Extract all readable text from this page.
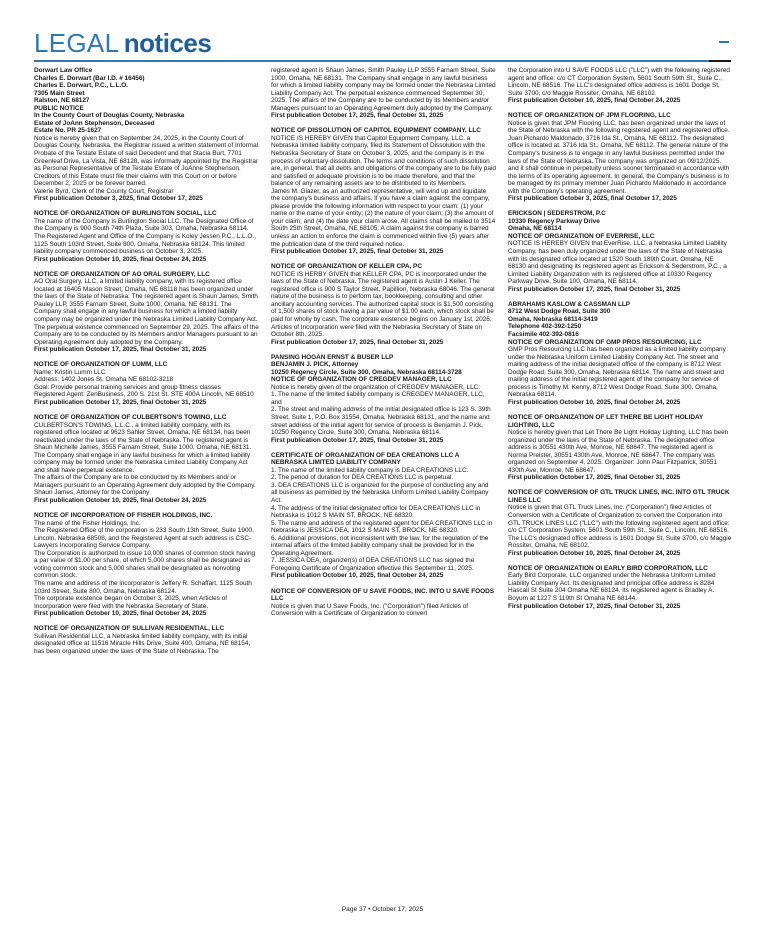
LEGAL notices

Dorwart Law Office

Charles E. Dorwart (Bar I.D. # 16456)

Charles E. Dorwart, P.C., L.L.O.

7305 Main Street

Ralston, NE 68127

PUBLIC NOTICE

In the County Court of Douglas County, Nebraska

Estate of JoAnn Stephenson, Deceased

Estate No. PR 25-1627

Notice is hereby given that on September 24, 2025, in the County Court of Douglas County, Nebraska, the Registrar issued a written statement of Informal Probate of the Testate Estate of said Decedent and that Stacia Burt, 7701 Greenleaf Drive, La Vista, NE 68128, was informally appointed by the Registrar as Personal Representative of the Testate Estate of JoAnne Stephenson.

Creditors of this Estate must file their claims with this Court on or before December 2, 2025 or be forever barred.

Valerie Byrd, Clerk of the County Court, Registrar

First publication October 3, 2025, final October 17, 2025

NOTICE OF ORGANIZATION OF BURLINGTON SOCIAL, LLC

The name of the Company is Burlington Social LLC. The Designated Office of the Company is 900 South 74th Plaza, Suite 303, Omaha, Nebraska 68114. The Registered Agent and Office of the Company is Koley Jessen P.C., L.L.O., 1125 South 103rd Street, Suite 800, Omaha, Nebraska 68124. This limited liability company commenced business on October 3, 2025.

First publication October 10, 2025, final October 24, 2025

NOTICE OF ORGANIZATION OF AO ORAL SURGERY, LLC

AO Oral Surgery, LLC, a limited liability company, with its registered office located at 16405 Mason Street, Omaha, NE 68118 has been organized under the laws of the State of Nebraska. The registered agent is Shaun James, Smith Pauley LLP, 3555 Farnam Street, Suite 1000, Omaha, NE 68131. The Company shall engage in any lawful business for which a limited liability company may be organized under the Nebraska Limited Liability Company Act. The perpetual existence commenced on September 29, 2025. The affairs of the Company are to be conducted by its Members and/or Managers pursuant to an Operating Agreement duly adopted by the Company.

First publication October 17, 2025, final October 31, 2025

NOTICE OF ORGANIZATION OF LUMM, LLC

Name: Kristin Lumm LLC

Address: 1402 Jones St. Omaha NE 68102-3218

Goal: Provide personal training services and group fitness classes

Registered Agent: ZenBusiness, 200 S. 21st St. STE 400A Lincoln, NE 68510

First publication October 17, 2025, final October 31, 2025

NOTICE OF ORGANIZATION OF CULBERTSON'S TOWING, LLC

CULBERTSON'S TOWING, L.L.C., a limited liability company, with its registered office located at 9623 Sahler Street, Omaha, NE 68134, has been reactivated under the laws of the State of Nebraska. The registered agent is Shaun Michelle James, 3555 Farnam Street, Suite 1000, Omaha, NE 68131. The Company shall engage in any lawful business for which a limited liability company may be formed under the Nebraska Limited Liability Company Act and shall have perpetual existence.

The affairs of the Company are to be conducted by its Members and/ or Managers pursuant to an Operating Agreement duly adopted by the Company. Shaun James, Attorney for the Company

First publication October 10, 2025, final October 24, 2025

NOTICE OF INCORPORATION OF FISHER HOLDINGS, INC.

The name of the Fisher Holdings, Inc.

The Registered Office of the corporation is 233 South 13th Street, Suite 1900, Lincoln, Nebraska 68508, and the Registered Agent at such address is CSC-Lawyers Incorporating Service Company.

The Corporation is authorized to issue 10,000 shares of common stock having a par value of $1.00 per share, of which 5,000 shares shall be designated as voting common stock and 5,000 shares shall be designated as nonvoting common stock.

The name and address of the incorporator is Jeffery R. Schaffart, 1125 South 103rd Street, Suite 800, Omaha, Nebraska 68124.

The corporate existence began on October 3, 2025, when Articles of Incorporation were filed with the Nebraska Secretary of State.

First publication October 10, 2025, final October 24, 2025

NOTICE OF ORGANIZATION OF SULLIVAN RESIDENTIAL, LLC

Sullivan Residential LLC, a Nebraska limited liability company, with its initial designated office at 11516 Miracle Hills Drive, Suite 400, Omaha, NE 68154, has been organized under the laws of the State of Nebraska. The

registered agent is Shaun James, Smith Pauley LLP 3555 Farnam Street, Suite 1000, Omaha, NE 68131. The Company shall engage in any lawful business for which a limited liability company may be formed under the Nebraska Limited Liability Company Act. The perpetual existence commenced September 30, 2025. The affairs of the Company are to be conducted by its Members and/or Managers pursuant to an Operating Agreement duly adopted by the Company.

First publication October 17, 2025, final October 31, 2025

NOTICE OF DISSOLUTION OF CAPITOL EQUIPMENT COMPANY, LLC

NOTICE IS HEREBY GIVEN that Capitol Equipment Company, LLC, a Nebraska limited liability company, filed its Statement of Dissolution with the Nebraska Secretary of State on October 3, 2025, and the company is in the process of voluntary dissolution. The terms and conditions of such dissolution are, in general, that all debts and obligations of the company are to be fully paid and satisfied or adequate provision is to be made therefore, and that the balance of any remaining assets are to be distributed to its Members.

James M. Glazer, as an authorized representative, will wind up and liquidate the company's business and affairs. If you have a claim against the company, please provide the following information with respect to your claim: (1) your name or the name of your entity; (2) the nature of your claim; (3) the amount of your claim; and (4) the date your claim arose. All claims shall be mailed to 3514 South 25th Street, Omaha, NE 68105. A claim against the company is barred unless an action to enforce the claim is commenced within five (5) years after the publication date of the third required notice.

First publication October 17, 2025, final October 31, 2025

NOTICE OF ORGANIZATION OF KELLER CPA, PC

NOTICE IS HERBY GIVEN that KELLER CPA, PC is incorporated under the laws of the State of Nebraska. The registered agent is Austin J Keller. The registered office is 900 S Taylor Street, Papillion, Nebraska 68046. The general nature of the business is to perform tax, bookkeeping, consulting and other ancillary accounting services. The authorized capital stock is $1,500 consisting of 1,500 shares of stock having a par value of $1.00 each, which stock shall be paid for wholly by cash. The corporate existence begins on January 1st, 2026. Articles of Incorporation were filed with the Nebraska Secretary of State on October 8th, 2025.

First publication October 17, 2025, final October 31, 2025

PANSING HOGAN ERNST & BUSER LLP

BENJAMIN J. PICK, Attorney

10250 Regency Circle, Suite 300, Omaha, Nebraska 68114-3728

NOTICE OF ORGANIZATION OF CREGDEV MANAGER, LLC

Notice is hereby given of the organization of CREGDEV MANAGER, LLC:

1. The name of the limited liability company is CREGDEV MANAGER, LLC, and

2. The street and mailing address of the initial designated office is 123 S. 39th Street, Suite 1, P.O. Box 31554, Omaha, Nebraska 68131, and the name and street address of the initial agent for service of process is Benjamin J. Pick, 10250 Regency Circle, Suite 300, Omaha, Nebraska 68114.

First publication October 17, 2025, final October 31, 2025

CERTIFICATE OF ORGANIZATION OF DEA CREATIONS LLC A NEBRASKA LIMITED LIABILITY COMPANY

1. The name of the limited liability company is DEA CREATIONS LLC.

2. The period of duration for DEA CREATIONS LLC is perpetual.

3. DEA CREATIONS LLC is organized for the purpose of conducting any and all business as permitted by the Nebraska Uniform Limited Liability Company Act.

4. The address of the initial designated office for DEA CREATIONS LLC in Nebraska is 1012 S MAIN ST, BROCK, NE 68320.

5. The name and address of the registered agent for DEA CREATIONS LLC in Nebraska is JESSICA DEA, 1012 S MAIN ST, BROCK, NE 68320.

6. Additional provisions, not inconsistent with the law, for the regulation of the internal affairs of the limited liability company shall be provided for in the Operating Agreement.

7. JESSICA DEA, organizer(s) of DEA CREATIONS LLC has signed the Foregoing Certificate of Organization effective this September 11, 2025.

First publication October 10, 2025, final October 24, 2025

NOTICE OF CONVERSION OF U SAVE FOODS, INC. INTO U SAVE FOODS LLC

Notice is given that U Save Foods, Inc. ("Corporation") filed Articles of Conversion with a Certificate of Organization to convert

the Corporation into U SAVE FOODS LLC ("LLC") with the following registered agent and office: c/o CT Corporation System, 5601 South 59th St., Suite C., Lincoln, NE 68516. The LLC's designated office address is 1601 Dodge St, Suite 3700, c/o Maggie Rossiter, Omaha, NE 68102.

First publication October 10, 2025, final October 24, 2025

NOTICE OF ORGANIZATION OF JPM FLOORING, LLC

Notice is given that JPM Flooring LLC, has been organized under the laws of the State of Nebraska with the following registered agent and registered office. Juan Pichardo Maldonado, 3716 Ida St., Omaha, NE 68112. The designated office is located at. 3716 Ida St., Omaha, NE 68112. The general nature of the Company's business is to engage in any lawful business permitted under the laws of the State of Nebraska. The company was organized on 09/12/2025. and it shall continue in perpetuity unless sooner terminated in accordance with the terms of its operating agreement. In general, the Company's business is to be managed by its primary member Juan Pichardo Maldonado in accordance with the Company's operating agreement.

First publication October 3, 2025, final October 17, 2025

ERICKSON | SEDERSTROM, P.C

10330 Regency Parkway Drive

Omaha, NE 68114

NOTICE OF ORGANIZATION OF EVERRISE, LLC

NOTICE IS HEREBY GIVEN that EverRise, LLC, a Nebraska Limited Liability Company, has been duly organized under the laws of the State of Nebraska with its designated office located at 1520 South 189th Court, Omaha, NE 68130 and designating its registered agent as Erickson & Sederstrom, P.C., a Limited Liability Organization with its registered office at 10330 Regency Parkway Drive, Suite 100, Omaha, NE 68114.

First publication October 17, 2025, final October 31, 2025

ABRAHAMS KASLOW & CASSMAN LLP

8712 West Dodge Road, Suite 300

Omaha, Nebraska 68114-3419

Telephone 402-392-1250

Facsimile 402-392-0816

NOTICE OF ORGANIZATION OF GMP PROS RESOURCING, LLC

GMP Pros Resourcing LLC has been organized as a limited liability company under the Nebraska Uniform Limited Liability Company Act. The street and mailing address of the initial designated office of the company is 8712 West Dodge Road, Suite 300, Omaha, Nebraska 68114. The name and street and mailing address of the initial registered agent of the company for service of process is Timothy M. Kenny, 8712 West Dodge Road, Suite 300, Omaha, Nebraska 68114.

First publication October 10, 2025, final October 24, 2025

NOTICE OF ORGANIZATION OF LET THERE BE LIGHT HOLIDAY LIGHTING, LLC

Notice is hereby given that Let There Be Light Holiday Lighting, LLC has been organized under the laws of the State of Nebraska. The designated office address is 30551 430th Ave, Monroe, NE 68647. The registered agent is Norma Preister, 30551 430th Ave, Monroe, NE 68647. The company was organized on September 4, 2025. Organizer: John Paul Fitzpatrick, 30551 430th Ave, Monroe, NE 68647.

First publication October 17, 2025, final October 31, 2025

NOTICE OF CONVERSION OF GTL TRUCK LINES, INC. INTO GTL TRUCK LINES LLC

Notice is given that GTL Truck Lines, Inc. ("Corporation") filed Articles of Conversion with a Certificate of Organization to convert the Corporation into GTL TRUCK LINES LLC ("LLC") with the following registered agent and office: c/o CT Corporation System, 5601 South 59th St., Suite C., Lincoln, NE 68516. The LLC's designated office address is 1601 Dodge St, Suite 3700, c/o Maggie Rossiter, Omaha, NE 68102.

First publication October 10, 2025, final October 24, 2025

NOTICE OF ORGANIZATION OI EARLY BIRD CORPORATION, LLC

Early Bird Corporate, LLC organized under the Nebraska Uniform Limited Liability Company Act. Its designated and principal office address is 8284 Hascall St Suite 204 Omaha NE 68124. Its registered agent is Bradley A. Boyum at 1227 S 119th St Omaha NE 68144.

First publication October 17, 2025, final October 31, 2025

Page 37 • October 17, 2025
